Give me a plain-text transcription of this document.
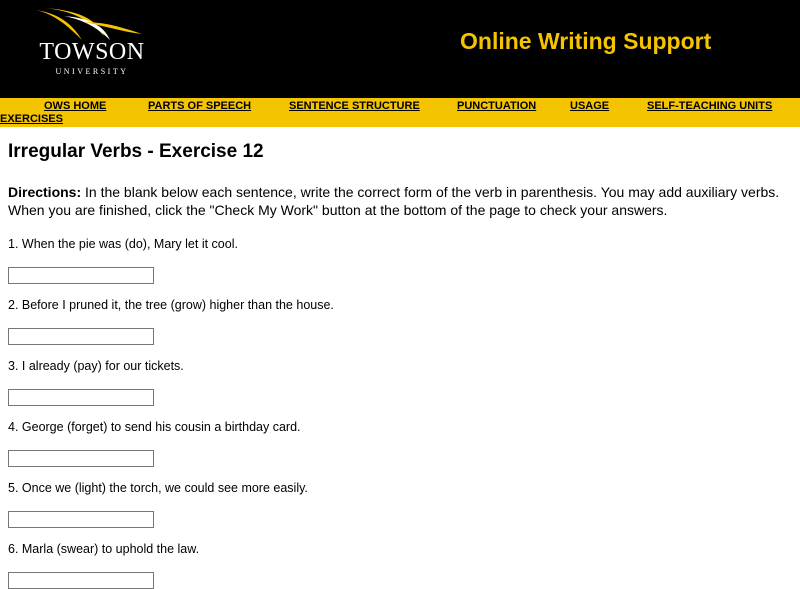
TOWSON
UNIVERSITY
Online Writing Support
OWS HOME	PARTS OF SPEECH	SENTENCE STRUCTURE	PUNCTUATION	USAGE	SELF-TEACHING UNITS
EXERCISES
Irregular Verbs - Exercise 12

Directions: In the blank below each sentence, write the correct form of the verb in parenthesis. You may add auxiliary verbs. When you are finished, click the "Check My Work" button at the bottom of the page to check your answers.

1. When the pie was (do), Mary let it cool.

2. Before I pruned it, the tree (grow) higher than the house.

3. I already (pay) for our tickets.

4. George (forget) to send his cousin a birthday card.

5. Once we (light) the torch, we could see more easily.

6. Marla (swear) to uphold the law.
